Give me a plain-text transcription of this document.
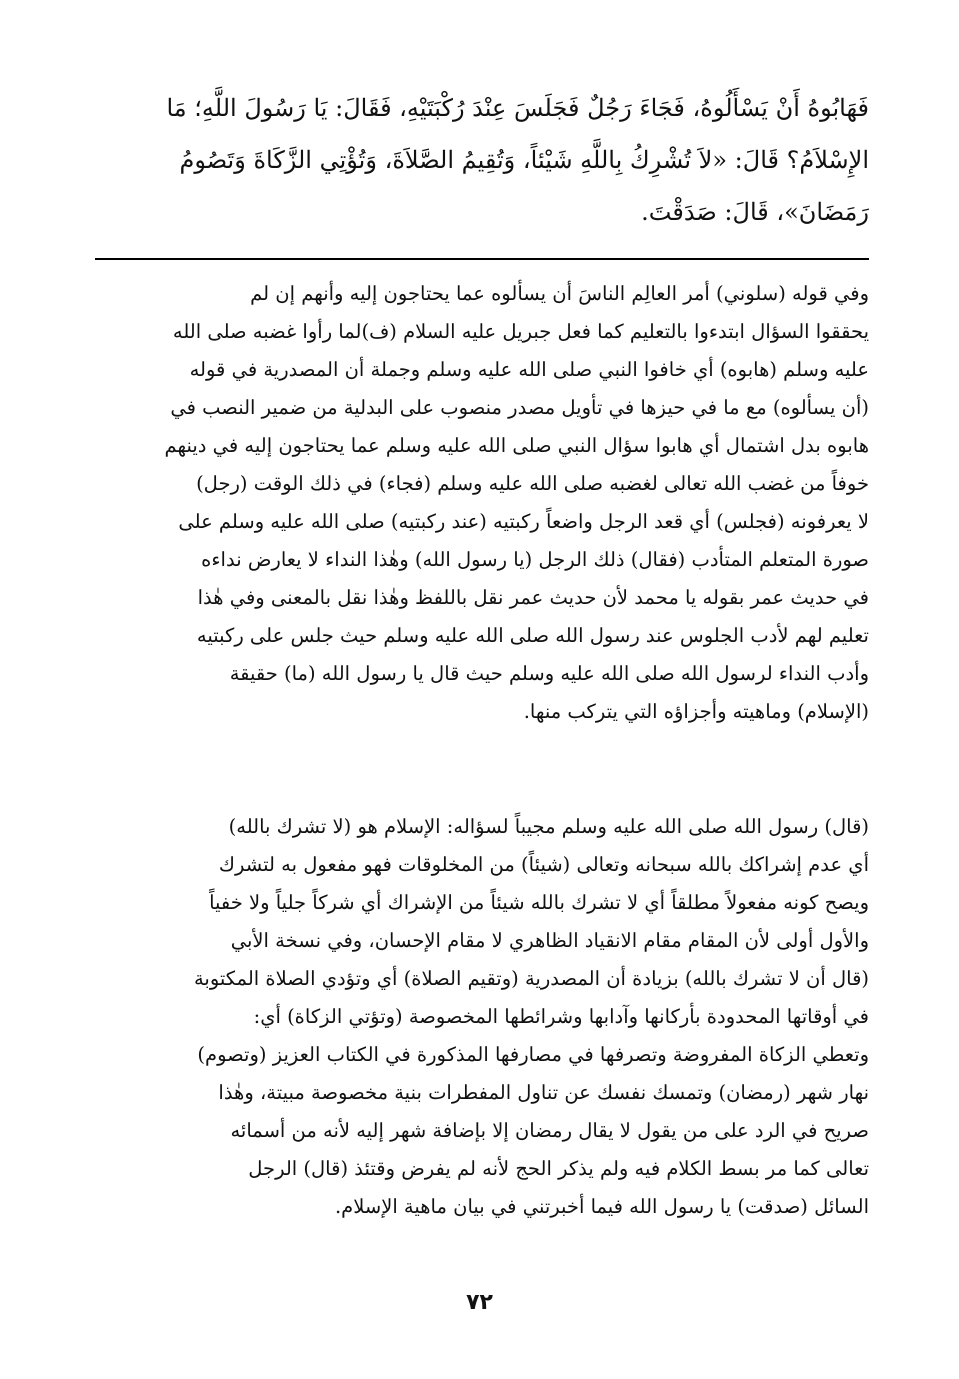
فَهَابُوهُ أَنْ يَسْأَلُوهُ، فَجَاءَ رَجُلٌ فَجَلَسَ عِنْدَ رُكْبَتَيْهِ، فَقَالَ: يَا رَسُولَ اللَّهِ؛ مَا
الإِسْلاَمُ؟ قَالَ: «لاَ تُشْرِكُ بِاللَّهِ شَيْئاً، وَتُقِيمُ الصَّلاَةَ، وَتُؤْتِي الزَّكَاةَ وَتَصُومُ
رَمَضَانَ»، قَالَ: صَدَقْتَ.
وفي قوله (سلوني) أمر العالِم الناسَ أن يسألوه عما يحتاجون إليه وأنهم إن لم
يحققوا السؤال ابتدءوا بالتعليم كما فعل جبريل عليه السلام (ف)لما رأوا غضبه صلى الله
عليه وسلم (هابوه) أي خافوا النبي صلى الله عليه وسلم وجملة أن المصدرية في قوله
(أن يسألوه) مع ما في حيزها في تأويل مصدر منصوب على البدلية من ضمير النصب في
هابوه بدل اشتمال أي هابوا سؤال النبي صلى الله عليه وسلم عما يحتاجون إليه في دينهم
خوفاً من غضب الله تعالى لغضبه صلى الله عليه وسلم (فجاء) في ذلك الوقت (رجل)
لا يعرفونه (فجلس) أي قعد الرجل واضعاً ركبتيه (عند ركبتيه) صلى الله عليه وسلم على
صورة المتعلم المتأدب (فقال) ذلك الرجل (يا رسول الله) وهٰذا النداء لا يعارض نداءه
في حديث عمر بقوله يا محمد لأن حديث عمر نقل باللفظ وهٰذا نقل بالمعنى وفي هٰذا
تعليم لهم لأدب الجلوس عند رسول الله صلى الله عليه وسلم حيث جلس على ركبتيه
وأدب النداء لرسول الله صلى الله عليه وسلم حيث قال يا رسول الله (ما) حقيقة
(الإسلام) وماهيته وأجزاؤه التي يتركب منها.
(قال) رسول الله صلى الله عليه وسلم مجيباً لسؤاله: الإسلام هو (لا تشرك بالله)
أي عدم إشراكك بالله سبحانه وتعالى (شيئاً) من المخلوقات فهو مفعول به لتشرك
ويصح كونه مفعولاً مطلقاً أي لا تشرك بالله شيئاً من الإشراك أي شركاً جلياً ولا خفياً
والأول أولى لأن المقام مقام الانقياد الظاهري لا مقام الإحسان، وفي نسخة الأبي
(قال أن لا تشرك بالله) بزيادة أن المصدرية (وتقيم الصلاة) أي وتؤدي الصلاة المكتوبة
في أوقاتها المحدودة بأركانها وآدابها وشرائطها المخصوصة (وتؤتي الزكاة) أي:
وتعطي الزكاة المفروضة وتصرفها في مصارفها المذكورة في الكتاب العزيز (وتصوم)
نهار شهر (رمضان) وتمسك نفسك عن تناول المفطرات بنية مخصوصة مبيتة، وهٰذا
صريح في الرد على من يقول لا يقال رمضان إلا بإضافة شهر إليه لأنه من أسمائه
تعالى كما مر بسط الكلام فيه ولم يذكر الحج لأنه لم يفرض وقتئذ (قال) الرجل
السائل (صدقت) يا رسول الله فيما أخبرتني في بيان ماهية الإسلام.
٧٢
